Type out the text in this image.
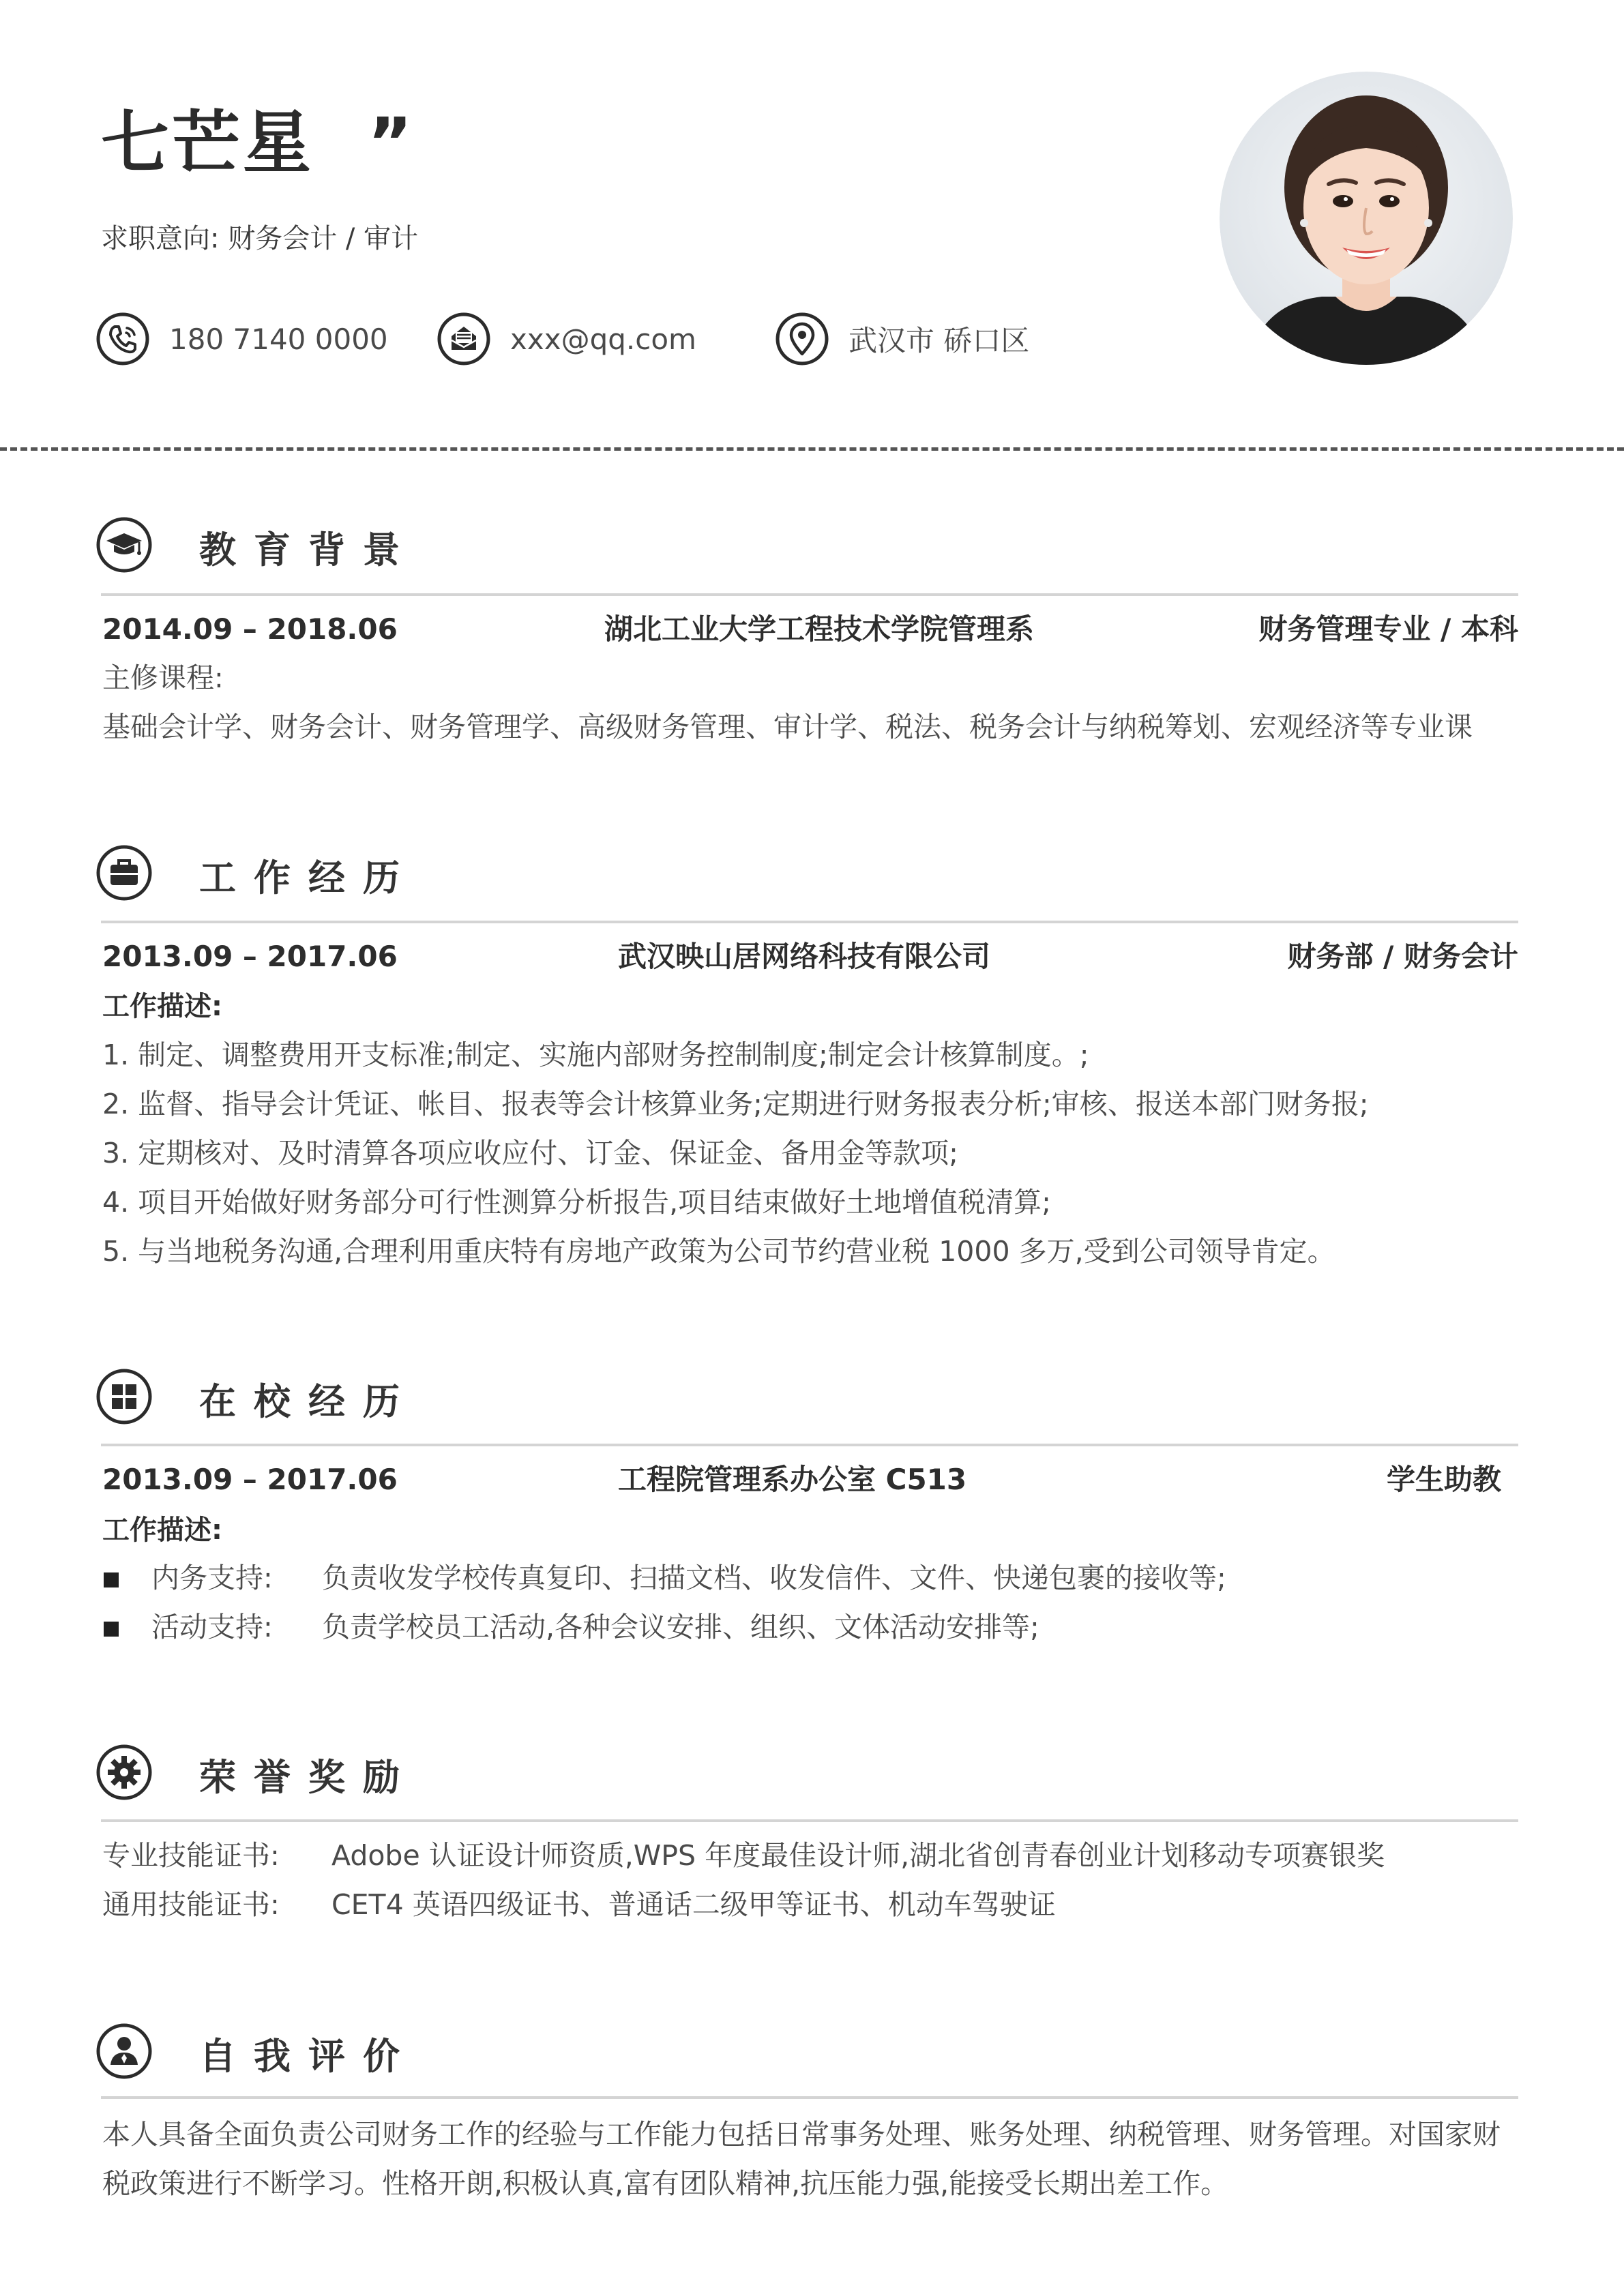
七芒星 ”
求职意向: 财务会计 / 审计
180 7140 0000	xxx@qq.com	武汉市 硚口区
教育背景
2014.09 – 2018.06	湖北工业大学工程技术学院管理系	财务管理专业 / 本科
主修课程:
基础会计学、财务会计、财务管理学、高级财务管理、审计学、税法、税务会计与纳税筹划、宏观经济等专业课
工作经历
2013.09 – 2017.06	武汉映山居网络科技有限公司	财务部 / 财务会计
工作描述:
1. 制定、调整费用开支标准;制定、实施内部财务控制制度;制定会计核算制度。;
2. 监督、指导会计凭证、帐目、报表等会计核算业务;定期进行财务报表分析;审核、报送本部门财务报;
3. 定期核对、及时清算各项应收应付、订金、保证金、备用金等款项;
4. 项目开始做好财务部分可行性测算分析报告,项目结束做好土地增值税清算;
5. 与当地税务沟通,合理利用重庆特有房地产政策为公司节约营业税 1000 多万,受到公司领导肯定。
在校经历
2013.09 – 2017.06	工程院管理系办公室 C513	学生助教
工作描述:
内务支持: 负责收发学校传真复印、扫描文档、收发信件、文件、快递包裹的接收等;
活动支持: 负责学校员工活动,各种会议安排、组织、文体活动安排等;
荣誉奖励
专业技能证书: Adobe 认证设计师资质,WPS 年度最佳设计师,湖北省创青春创业计划移动专项赛银奖
通用技能证书: CET4 英语四级证书、普通话二级甲等证书、机动车驾驶证
自我评价
本人具备全面负责公司财务工作的经验与工作能力包括日常事务处理、账务处理、纳税管理、财务管理。对国家财
税政策进行不断学习。性格开朗,积极认真,富有团队精神,抗压能力强,能接受长期出差工作。
